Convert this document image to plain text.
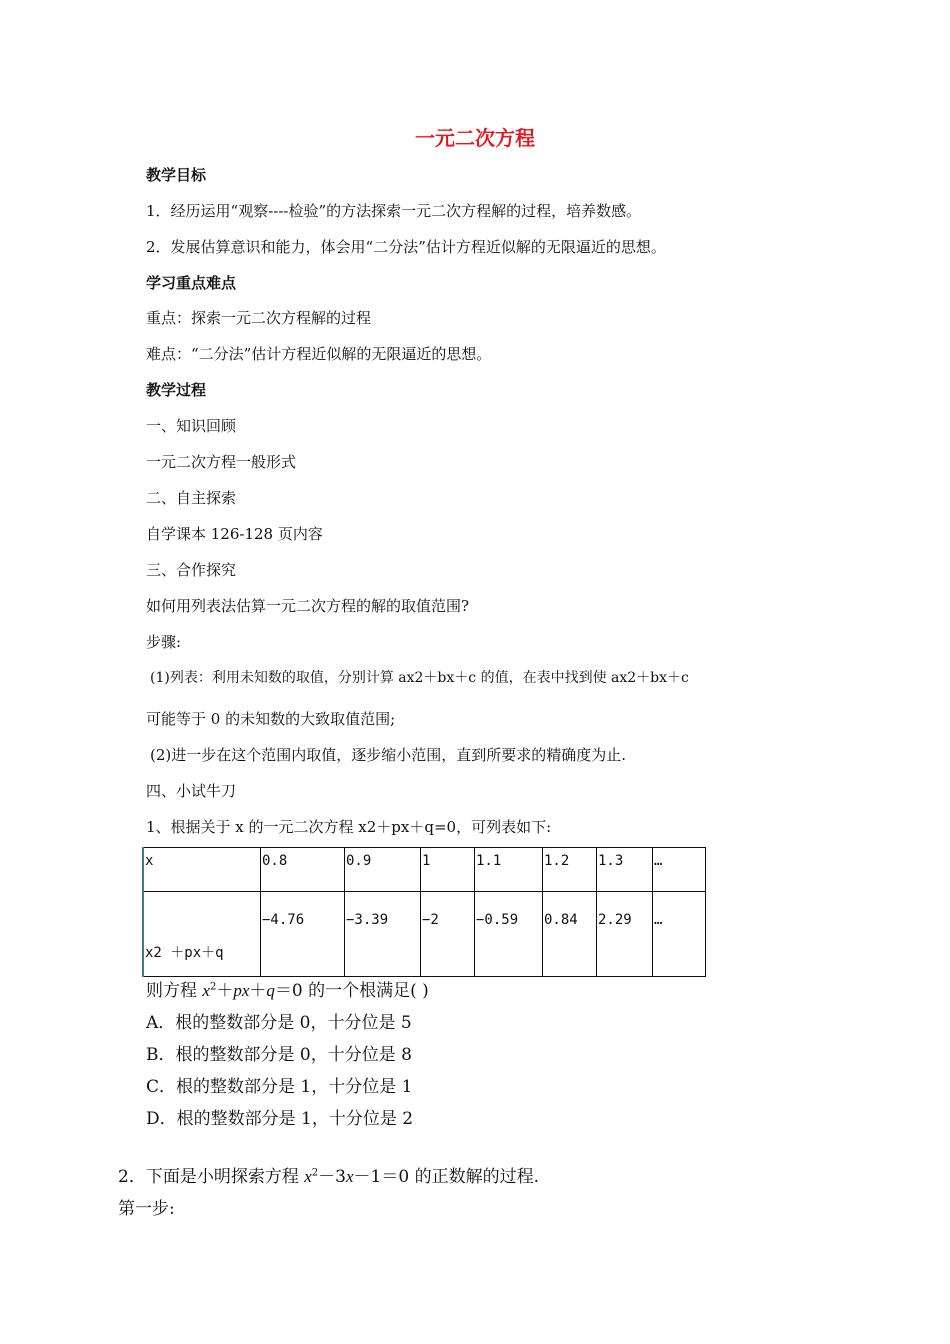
一元二次方程
教学目标
1．经历运用“观察----检验”的方法探索一元二次方程解的过程，培养数感。
2．发展估算意识和能力，体会用“二分法”估计方程近似解的无限逼近的思想。
学习重点难点
重点：探索一元二次方程解的过程
难点：“二分法”估计方程近似解的无限逼近的思想。
教学过程
一、知识回顾
一元二次方程一般形式
二、自主探索
自学课本 126-128 页内容
三、合作探究
如何用列表法估算一元二次方程的解的取值范围?
步骤:
(1)列表：利用未知数的取值，分别计算 ax2＋bx＋c 的值，在表中找到使 ax2＋bx＋c
可能等于 0 的未知数的大致取值范围;
(2)进一步在这个范围内取值，逐步缩小范围，直到所要求的精确度为止.
四、小试牛刀
1、根据关于 x 的一元二次方程 x2＋px＋q=0，可列表如下:
x	0.8	0.9	1	1.1	1.2	1.3	…
x2 ＋px＋q	−4.76	−3.39	−2	−0.59	0.84	2.29	…
则方程 $x^2+px+q=0$ 的一个根满足( )
A．根的整数部分是 0，十分位是 5
B．根的整数部分是 0，十分位是 8
C．根的整数部分是 1，十分位是 1
D．根的整数部分是 1，十分位是 2
2．下面是小明探索方程 $x^2-3x-1=0$ 的正数解的过程.
第一步:
